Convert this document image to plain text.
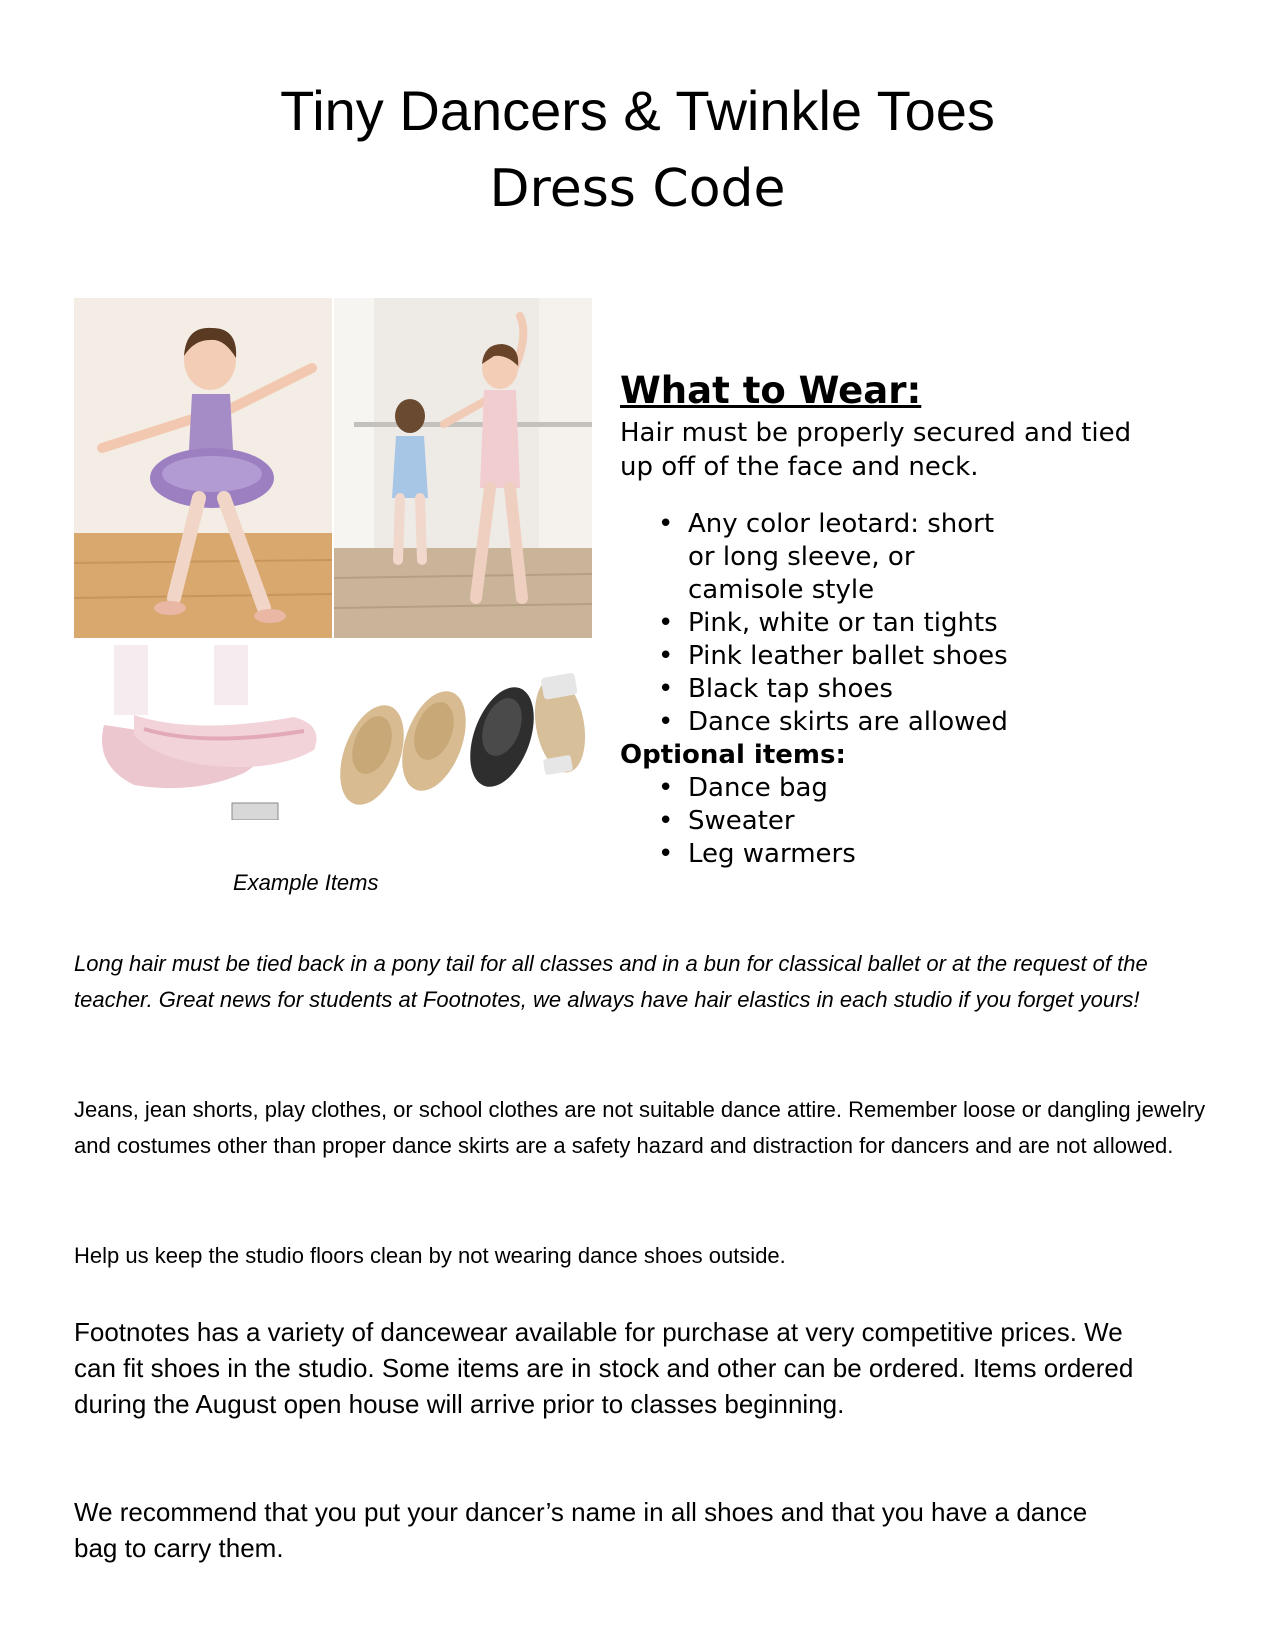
Tiny Dancers & Twinkle Toes
Dress Code
Example Items
What to Wear:

Hair must be properly secured and tied up off of the face and neck.

• Any color leotard: short or long sleeve, or camisole style
• Pink, white or tan tights
• Pink leather ballet shoes
• Black tap shoes
• Dance skirts are allowed

Optional items:

• Dance bag
• Sweater
• Leg warmers

Long hair must be tied back in a pony tail for all classes and in a bun for classical ballet or at the request of the teacher. Great news for students at Footnotes, we always have hair elastics in each studio if you forget yours!

Jeans, jean shorts, play clothes, or school clothes are not suitable dance attire. Remember loose or dangling jewelry and costumes other than proper dance skirts are a safety hazard and distraction for dancers and are not allowed.

Help us keep the studio floors clean by not wearing dance shoes outside.

Footnotes has a variety of dancewear available for purchase at very competitive prices. We can fit shoes in the studio. Some items are in stock and other can be ordered. Items ordered during the August open house will arrive prior to classes beginning.

We recommend that you put your dancer’s name in all shoes and that you have a dance bag to carry them.
